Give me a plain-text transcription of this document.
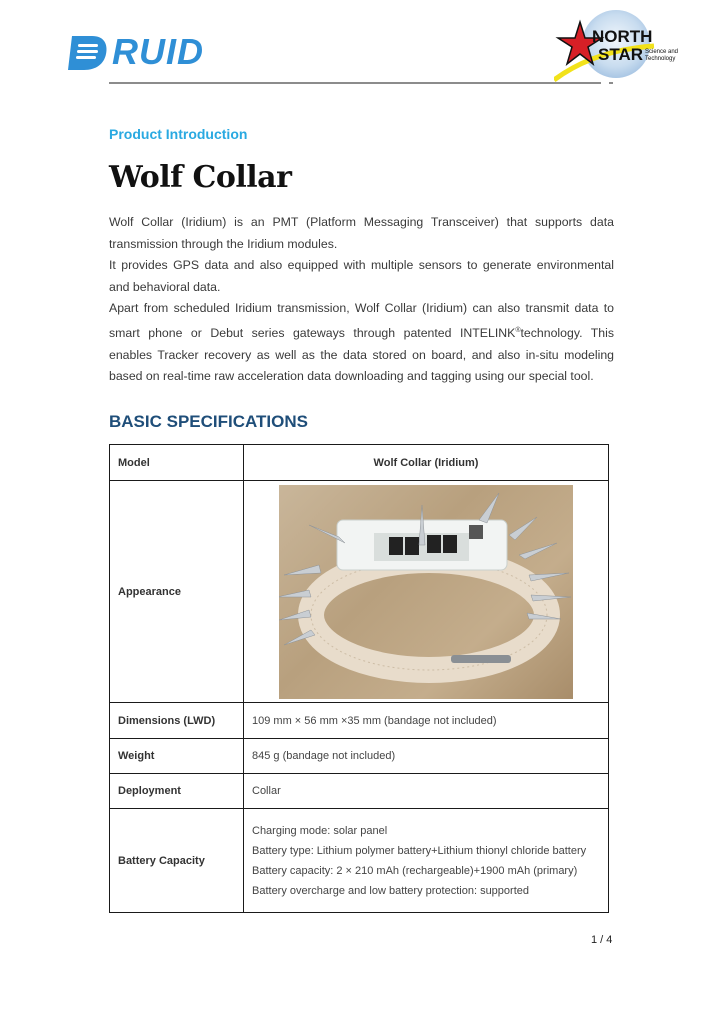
RUID	NORTH
STAR Science and
Technology
Product Introduction
Wolf Collar

Wolf Collar (Iridium) is an PMT (Platform Messaging Transceiver) that supports data transmission through the Iridium modules.

It provides GPS data and also equipped with multiple sensors to generate environmental and behavioral data.

Apart from scheduled Iridium transmission, Wolf Collar (Iridium) can also transmit data to smart phone or Debut series gateways through patented INTELINK®technology. This enables Tracker recovery as well as the data stored on board, and also in-situ modeling based on real-time raw acceleration data downloading and tagging using our special tool.

BASIC SPECIFICATIONS
Model	Wolf Collar (Iridium)
Appearance	

Dimensions (LWD)	109 mm × 56 mm ×35 mm (bandage not included)
Weight	845 g (bandage not included)
Deployment	Collar
Battery Capacity	Charging mode: solar panel
Battery type: Lithium polymer battery+Lithium thionyl chloride battery
Battery capacity: 2 × 210 mAh (rechargeable)+1900 mAh (primary)
Battery overcharge and low battery protection: supported
1 / 4
